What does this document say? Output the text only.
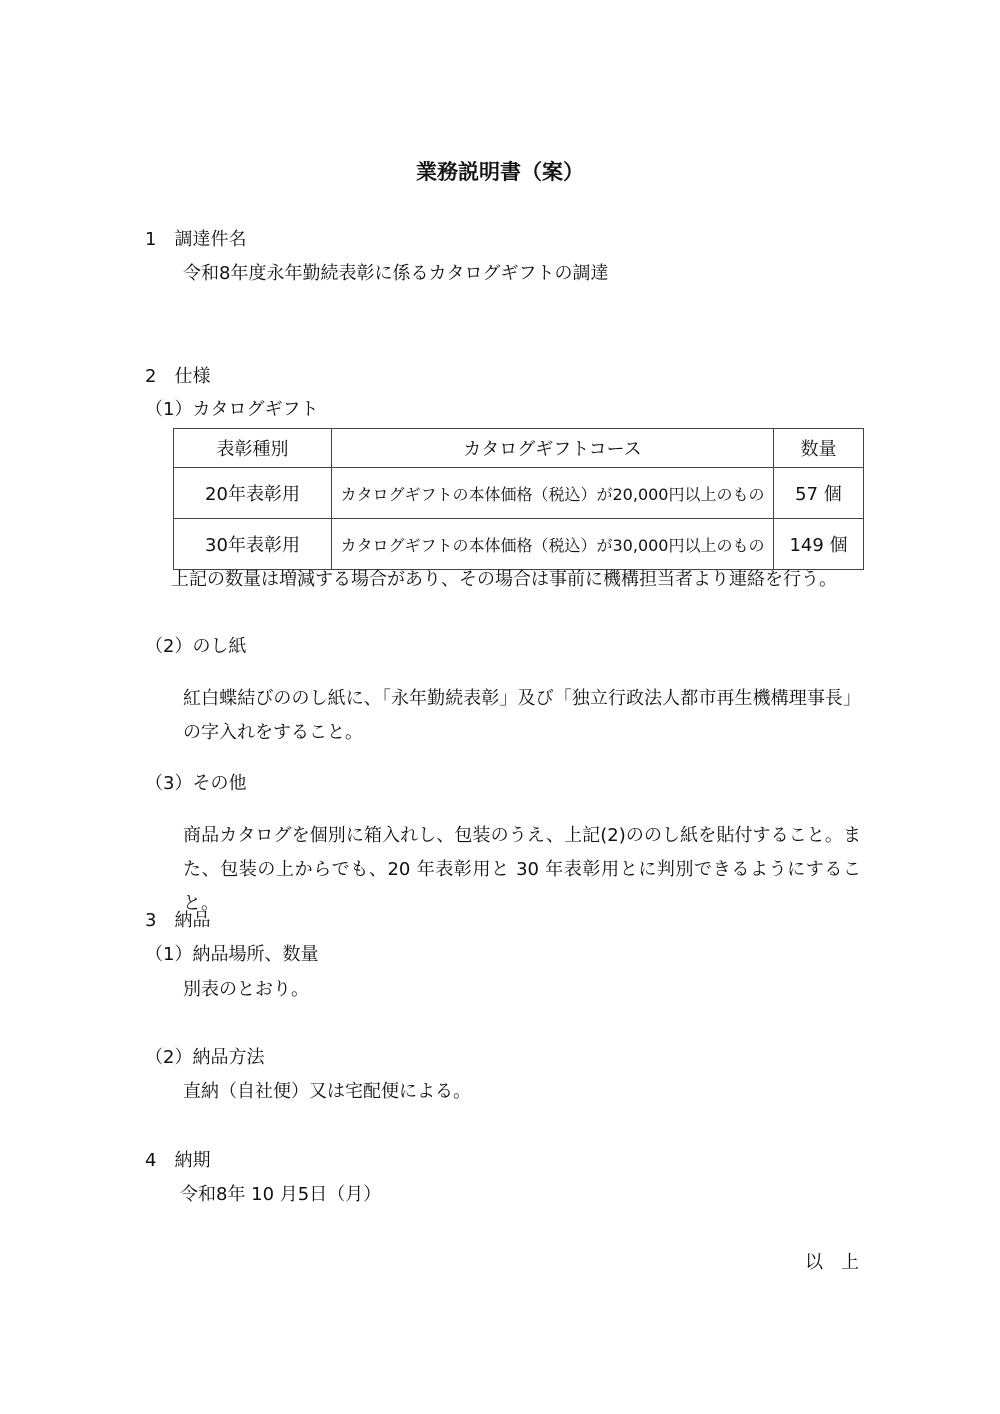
業務説明書（案）

1　調達件名

令和8年度永年勤続表彰に係るカタログギフトの調達

2　仕様

（1）カタログギフト

表彰種別	カタログギフトコース	数量
20年表彰用	カタログギフトの本体価格（税込）が20,000円以上のもの	57 個
30年表彰用	カタログギフトの本体価格（税込）が30,000円以上のもの	149 個

上記の数量は増減する場合があり、その場合は事前に機構担当者より連絡を行う。

（2）のし紙

紅白蝶結びののし紙に、「永年勤続表彰」及び「独立行政法人都市再生機構理事長」の字入れをすること。

（3）その他

商品カタログを個別に箱入れし、包装のうえ、上記(2)ののし紙を貼付すること。また、包装の上からでも、20 年表彰用と 30 年表彰用とに判別できるようにすること。

3　納品

（1）納品場所、数量

別表のとおり。

（2）納品方法

直納（自社便）又は宅配便による。

4　納期

令和8年 10 月5日（月）

以　上
